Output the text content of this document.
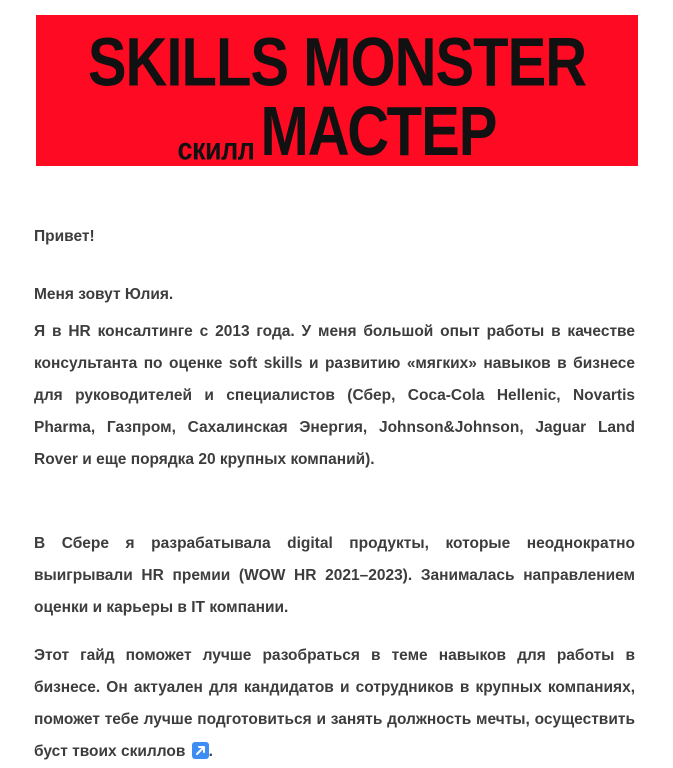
SKILLS MONSTER
скилл МАСТЕР
Привет!
Меня зовут Юлия.

Я в HR консалтинге с 2013 года. У меня большой опыт работы в качестве консультанта по оценке soft skills и развитию «мягких» навыков в бизнесе для руководителей и специалистов (Сбер, Coca-Cola Hellenic, Novartis Pharma, Газпром, Сахалинская Энергия, Johnson&Johnson, Jaguar Land Rover и еще порядка 20 крупных компаний).

В Сбере я разрабатывала digital продукты, которые неоднократно выигрывали HR премии (WOW HR 2021–2023). Занималась направлением оценки и карьеры в IT компании.

Этот гайд поможет лучше разобраться в теме навыков для работы в бизнесе. Он актуален для кандидатов и сотрудников в крупных компаниях, поможет тебе лучше подготовиться и занять должность мечты, осуществить буст твоих скиллов .
